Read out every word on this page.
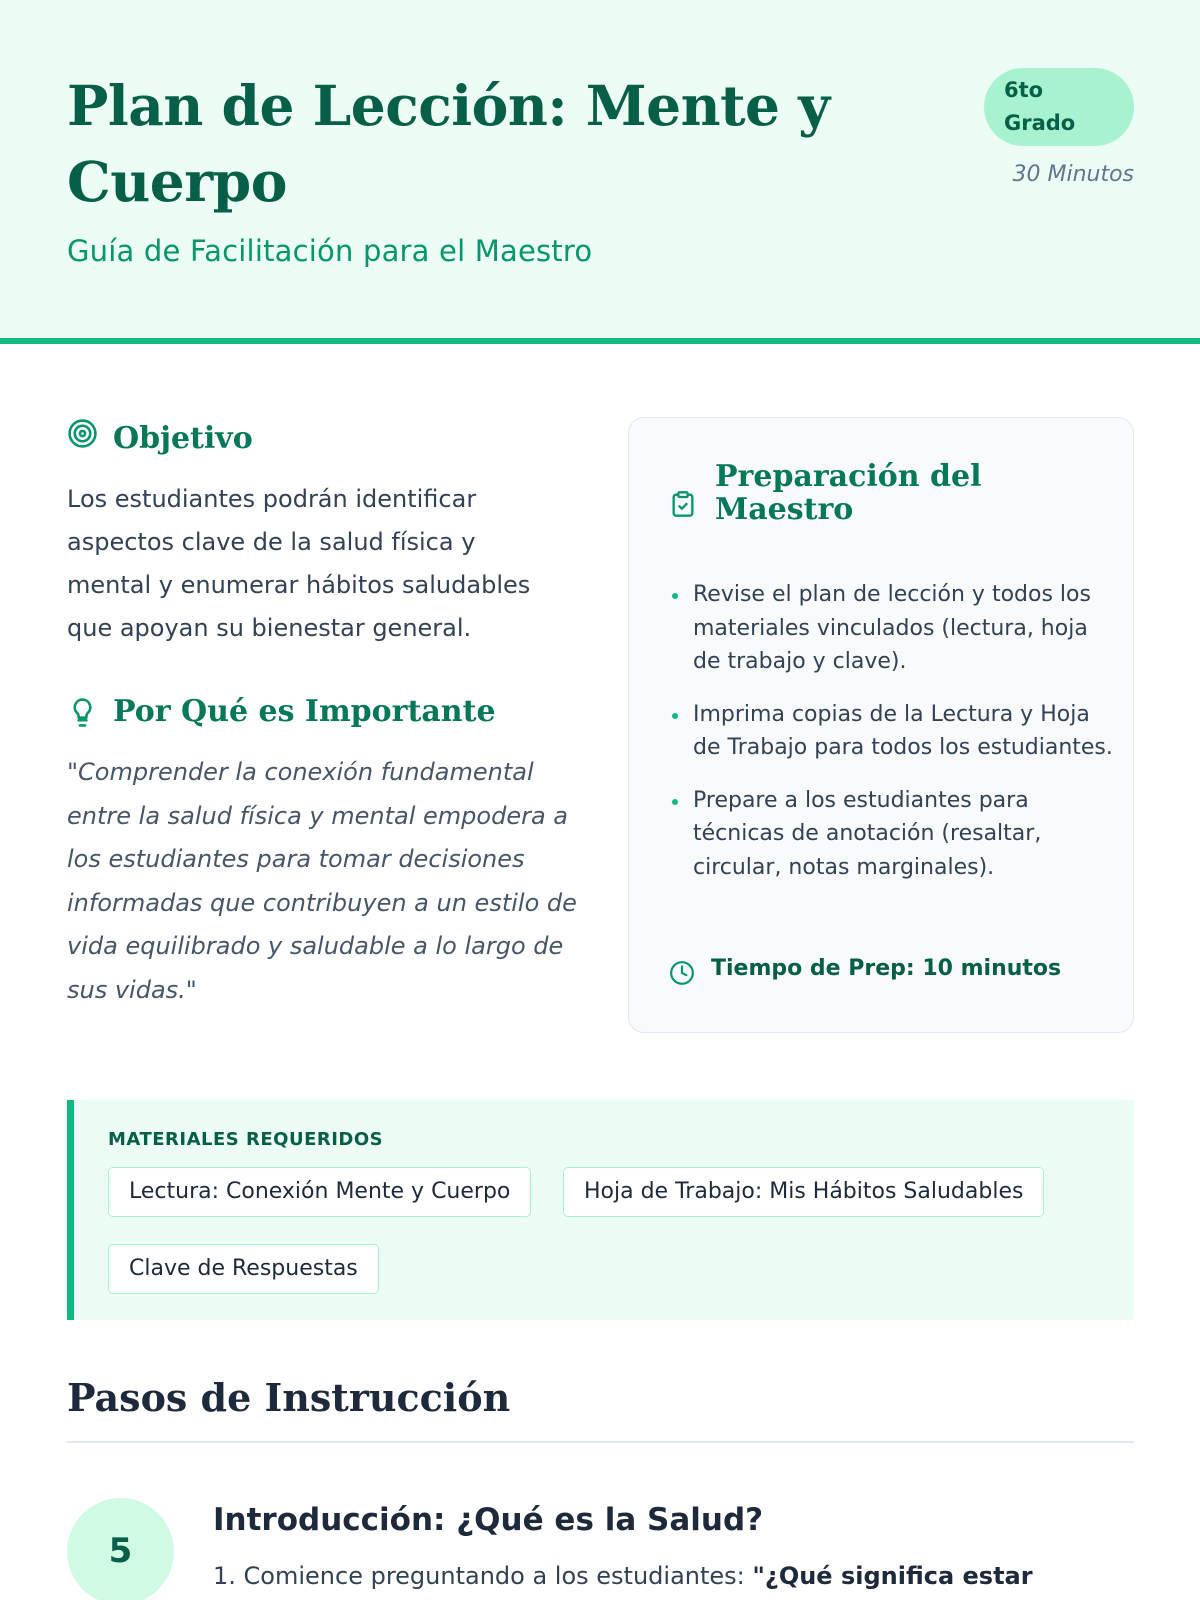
Plan de Lección: Mente y Cuerpo
Guía de Facilitación para el Maestro
6to
Grado
30 Minutos
Objetivo

Los estudiantes podrán identificar aspectos clave de la salud física y mental y enumerar hábitos saludables que apoyan su bienestar general.

Por Qué es Importante

"Comprender la conexión fundamental entre la salud física y mental empodera a los estudiantes para tomar decisiones informadas que contribuyen a un estilo de vida equilibrado y saludable a lo largo de sus vidas."

Preparación del Maestro
Revise el plan de lección y todos los materiales vinculados (lectura, hoja de trabajo y clave).
Imprima copias de la Lectura y Hoja de Trabajo para todos los estudiantes.
Prepare a los estudiantes para técnicas de anotación (resaltar, circular, notas marginales).
Tiempo de Prep: 10 minutos
MATERIALES REQUERIDOS
Lectura: Conexión Mente y Cuerpo	Hoja de Trabajo: Mis Hábitos Saludables
Clave de Respuestas
Pasos de Instrucción
5
Introducción: ¿Qué es la Salud?

1. Comience preguntando a los estudiantes: "¿Qué significa estar
